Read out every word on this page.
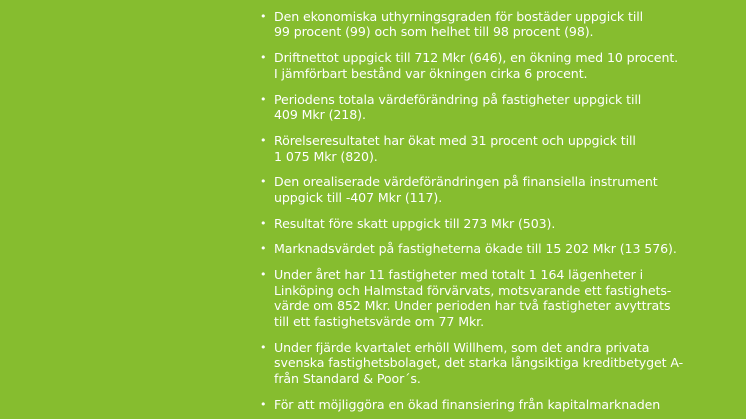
• Den ekonomiska uthyrningsgraden för bostäder uppgick till
99 procent (99) och som helhet till 98 procent (98).
• Driftnettot uppgick till 712 Mkr (646), en ökning med 10 procent.
I jämförbart bestånd var ökningen cirka 6 procent.
• Periodens totala värdeförändring på fastigheter uppgick till
409 Mkr (218).
• Rörelseresultatet har ökat med 31 procent och uppgick till
1 075 Mkr (820).
• Den orealiserade värdeförändringen på finansiella instrument
uppgick till -407 Mkr (117).
• Resultat före skatt uppgick till 273 Mkr (503).
• Marknadsvärdet på fastigheterna ökade till 15 202 Mkr (13 576).
• Under året har 11 fastigheter med totalt 1 164 lägenheter i
Linköping och Halmstad förvärvats, motsvarande ett fastighets-
värde om 852 Mkr. Under perioden har två fastigheter avyttrats
till ett fastighetsvärde om 77 Mkr.
• Under fjärde kvartalet erhöll Willhem, som det andra privata
svenska fastighetsbolaget, det starka långsiktiga kreditbetyget A-
från Standard & Poor´s.
• För att möjliggöra en ökad finansiering från kapitalmarknaden
